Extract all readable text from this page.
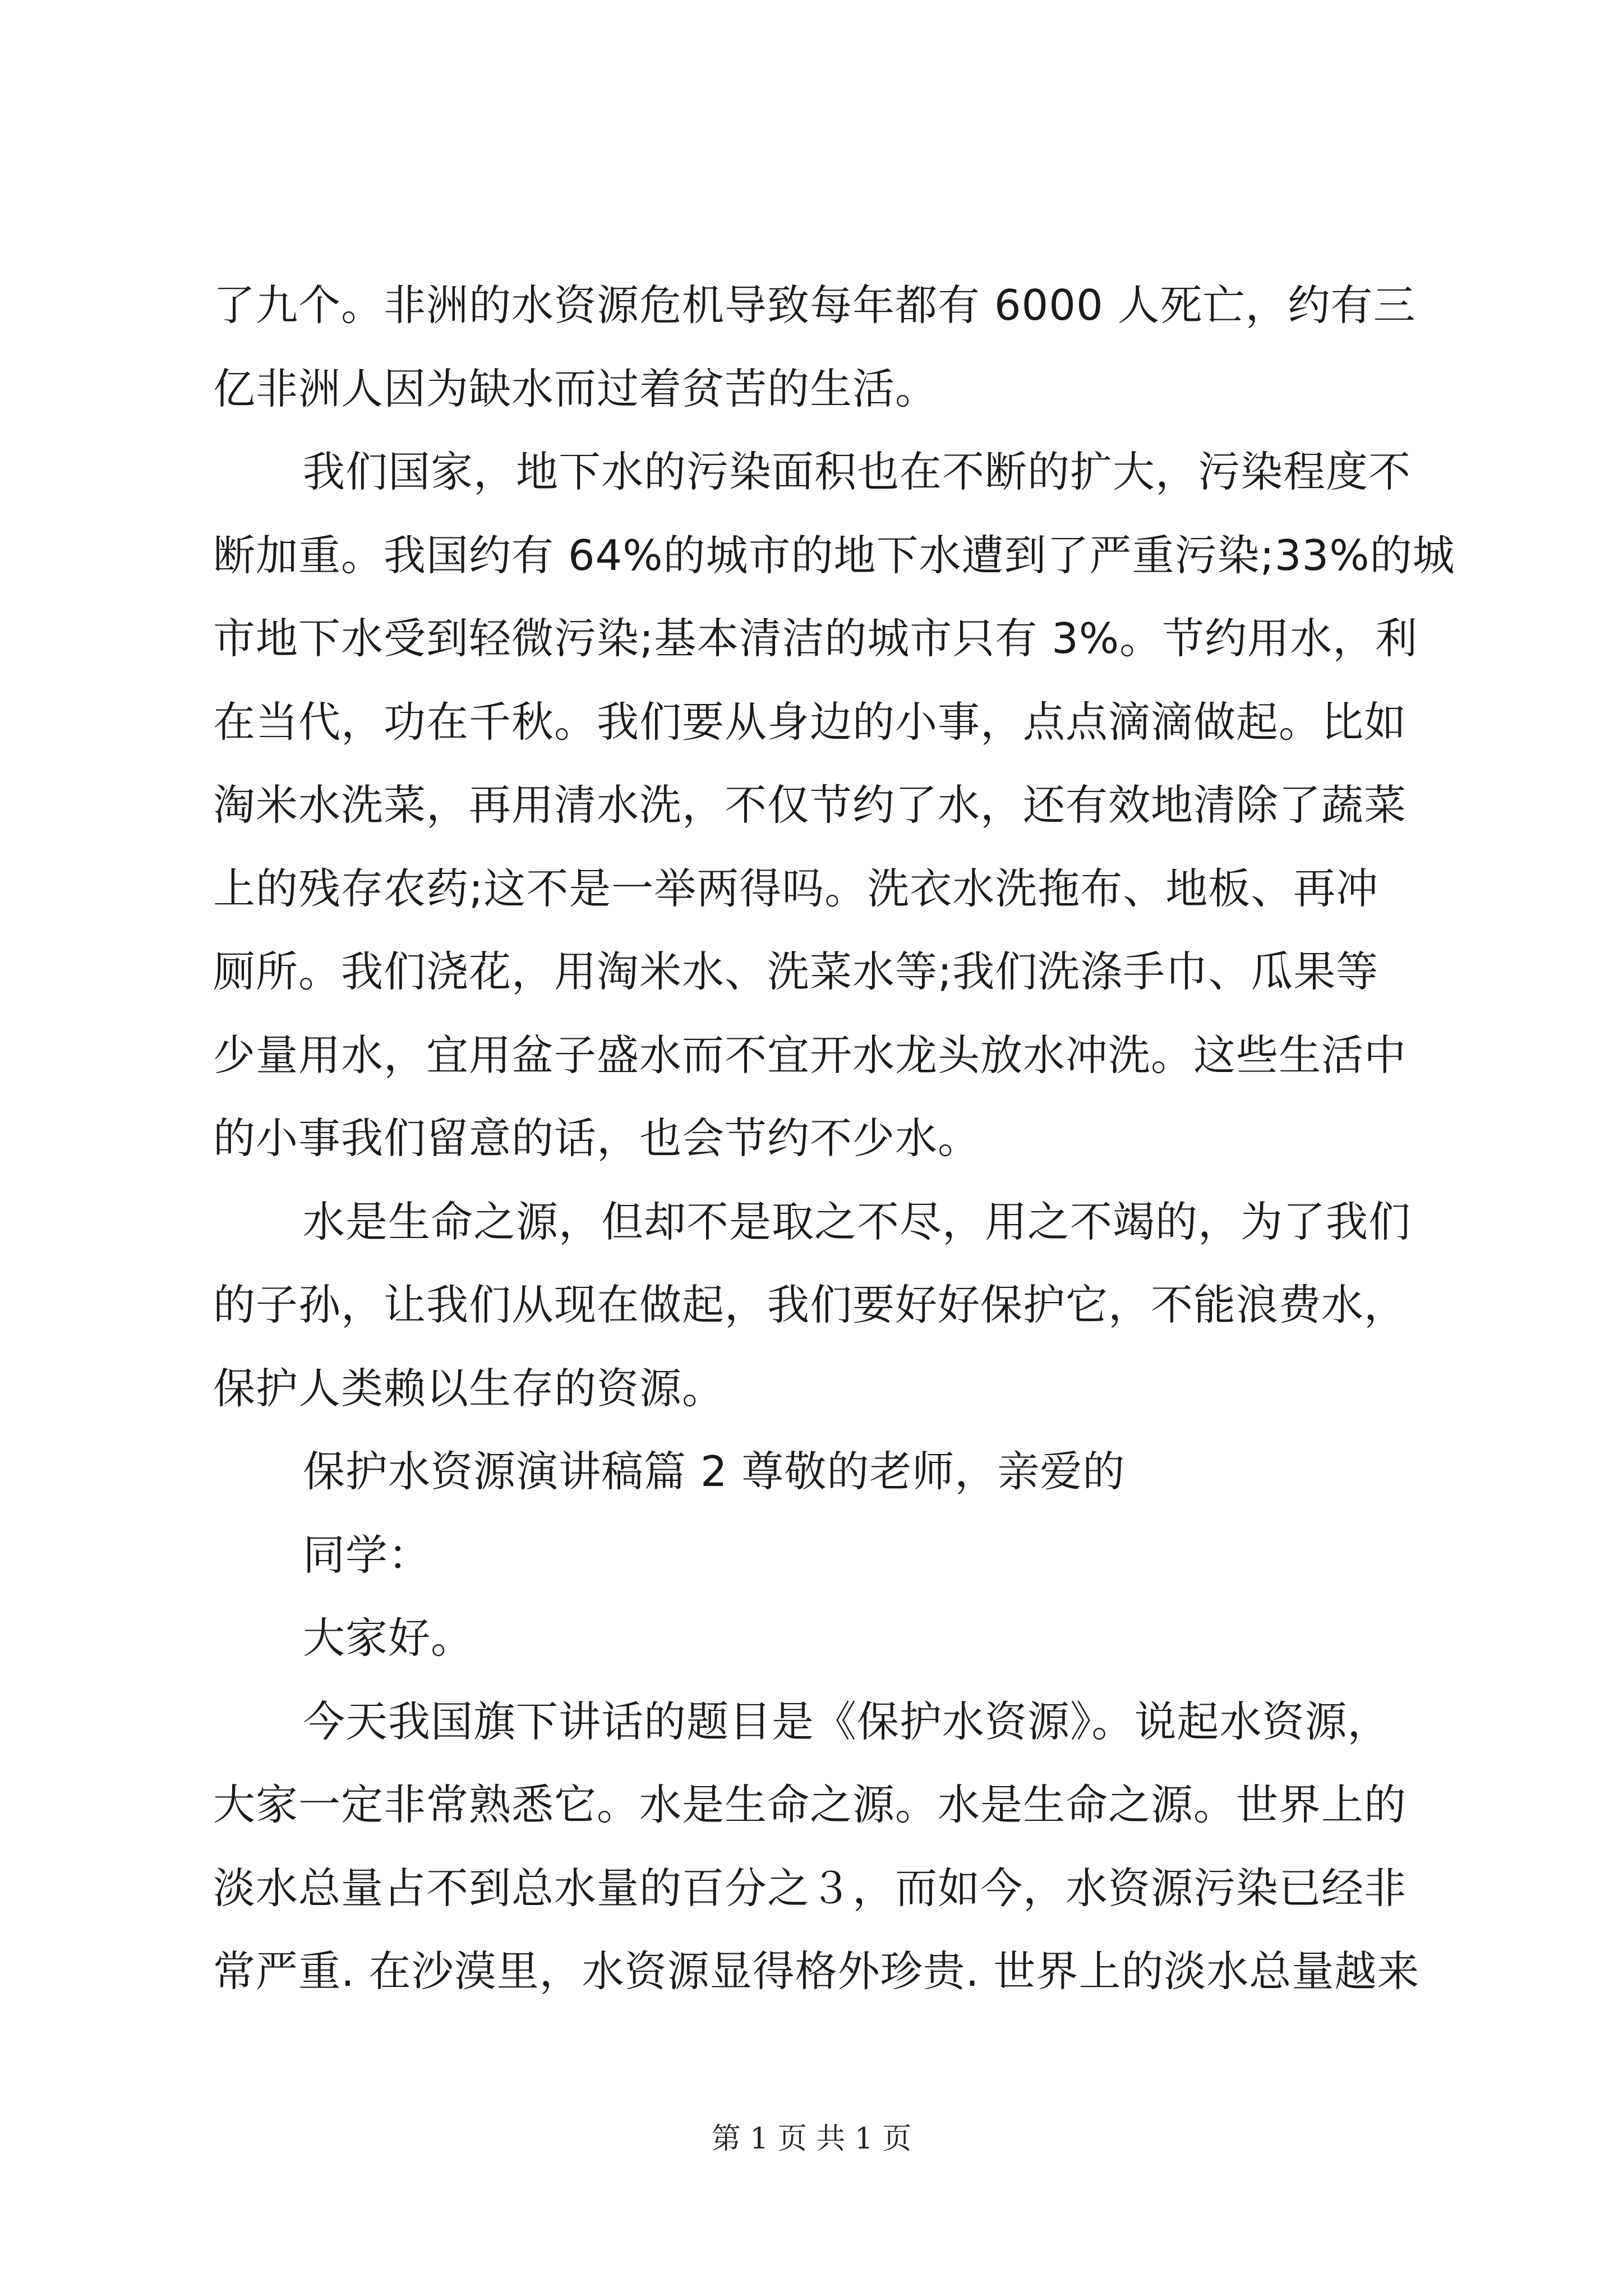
了九个。非洲的水资源危机导致每年都有 6000 人死亡，约有三
亿非洲人因为缺水而过着贫苦的生活。
我们国家，地下水的污染面积也在不断的扩大，污染程度不
断加重。我国约有 64%的城市的地下水遭到了严重污染;33%的城
市地下水受到轻微污染;基本清洁的城市只有 3%。节约用水，利
在当代，功在千秋。我们要从身边的小事，点点滴滴做起。比如
淘米水洗菜，再用清水洗，不仅节约了水，还有效地清除了蔬菜
上的残存农药;这不是一举两得吗。洗衣水洗拖布、地板、再冲
厕所。我们浇花，用淘米水、洗菜水等;我们洗涤手巾、瓜果等
少量用水，宜用盆子盛水而不宜开水龙头放水冲洗。这些生活中
的小事我们留意的话，也会节约不少水。
水是生命之源，但却不是取之不尽，用之不竭的，为了我们
的子孙，让我们从现在做起，我们要好好保护它，不能浪费水，
保护人类赖以生存的资源。
保护水资源演讲稿篇 2 尊敬的老师，亲爱的
同学：
大家好。
今天我国旗下讲话的题目是《保护水资源》。说起水资源，
大家一定非常熟悉它。水是生命之源。水是生命之源。世界上的
淡水总量占不到总水量的百分之３，而如今，水资源污染已经非
常严重. 在沙漠里，水资源显得格外珍贵. 世界上的淡水总量越来
第 1 页 共 1 页
